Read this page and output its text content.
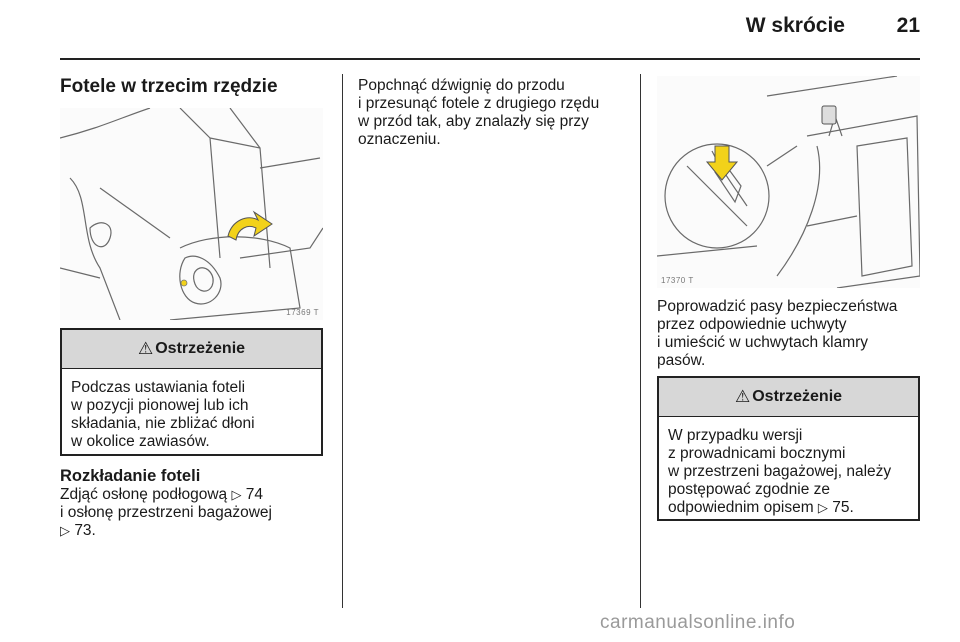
W skrócie	21
Fotele w trzecim rzędzie
17369 T
⚠ Ostrzeżenie
Podczas ustawiania foteli
w pozycji pionowej lub ich
składania, nie zbliżać dłoni
w okolice zawiasów.
Rozkładanie foteli
Zdjąć osłonę podłogową ▷ 74
i osłonę przestrzeni bagażowej
▷ 73.
Popchnąć dźwignię do przodu
i przesunąć fotele z drugiego rzędu
w przód tak, aby znalazły się przy
oznaczeniu.
17370 T
Poprowadzić pasy bezpieczeństwa
przez odpowiednie uchwyty
i umieścić w uchwytach klamry
pasów.
⚠ Ostrzeżenie
W przypadku wersji
z prowadnicami bocznymi
w przestrzeni bagażowej, należy
postępować zgodnie ze
odpowiednim opisem ▷ 75.
carmanualsonline.info
